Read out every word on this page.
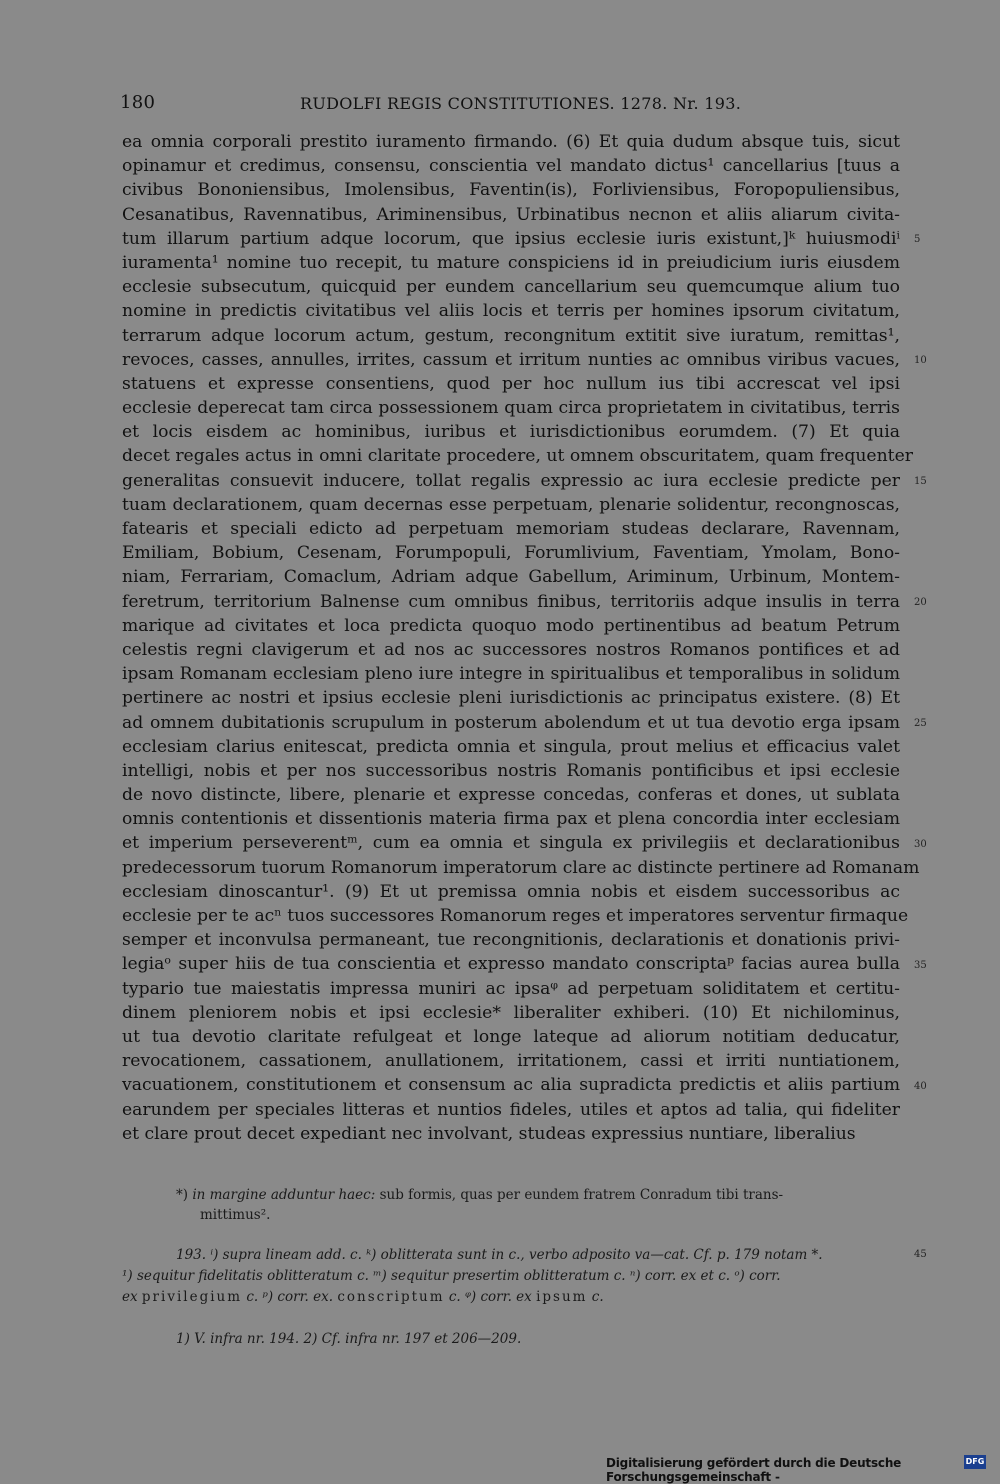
180	RUDOLFI REGIS CONSTITUTIONES. 1278. Nr. 193.
ea omnia corporali prestito iuramento firmando. (6) Et quia dudum absque tuis, sicut
opinamur et credimus, consensu, conscientia vel mandato dictus¹ cancellarius [tuus a
civibus Bononiensibus, Imolensibus, Faventin(is), Forliviensibus, Foropopuliensibus,
Cesanatibus, Ravennatibus, Ariminensibus, Urbinatibus necnon et aliis aliarum civita-
tum illarum partium adque locorum, que ipsius ecclesie iuris existunt,]ᵏ huiusmodiⁱ
iuramenta¹ nomine tuo recepit, tu mature conspiciens id in preiudicium iuris eiusdem
ecclesie subsecutum, quicquid per eundem cancellarium seu quemcumque alium tuo
nomine in predictis civitatibus vel aliis locis et terris per homines ipsorum civitatum,
terrarum adque locorum actum, gestum, recongnitum extitit sive iuratum, remittas¹,
revoces, casses, annulles, irrites, cassum et irritum nunties ac omnibus viribus vacues,
statuens et expresse consentiens, quod per hoc nullum ius tibi accrescat vel ipsi
ecclesie deperecat tam circa possessionem quam circa proprietatem in civitatibus, terris
et locis eisdem ac hominibus, iuribus et iurisdictionibus eorumdem. (7) Et quia
decet regales actus in omni claritate procedere, ut omnem obscuritatem, quam frequenter
generalitas consuevit inducere, tollat regalis expressio ac iura ecclesie predicte per
tuam declarationem, quam decernas esse perpetuam, plenarie solidentur, recongnoscas,
fatearis et speciali edicto ad perpetuam memoriam studeas declarare, Ravennam,
Emiliam, Bobium, Cesenam, Forumpopuli, Forumlivium, Faventiam, Ymolam, Bono-
niam, Ferrariam, Comaclum, Adriam adque Gabellum, Ariminum, Urbinum, Montem-
feretrum, territorium Balnense cum omnibus finibus, territoriis adque insulis in terra
marique ad civitates et loca predicta quoquo modo pertinentibus ad beatum Petrum
celestis regni clavigerum et ad nos ac successores nostros Romanos pontifices et ad
ipsam Romanam ecclesiam pleno iure integre in spiritualibus et temporalibus in solidum
pertinere ac nostri et ipsius ecclesie pleni iurisdictionis ac principatus existere. (8) Et
ad omnem dubitationis scrupulum in posterum abolendum et ut tua devotio erga ipsam
ecclesiam clarius enitescat, predicta omnia et singula, prout melius et efficacius valet
intelligi, nobis et per nos successoribus nostris Romanis pontificibus et ipsi ecclesie
de novo distincte, libere, plenarie et expresse concedas, conferas et dones, ut sublata
omnis contentionis et dissentionis materia firma pax et plena concordia inter ecclesiam
et imperium perseverentᵐ, cum ea omnia et singula ex privilegiis et declarationibus
predecessorum tuorum Romanorum imperatorum clare ac distincte pertinere ad Romanam
ecclesiam dinoscantur¹. (9) Et ut premissa omnia nobis et eisdem successoribus ac
ecclesie per te acⁿ tuos successores Romanorum reges et imperatores serventur firmaque
semper et inconvulsa permaneant, tue recongnitionis, declarationis et donationis privi-
legiaᵒ super hiis de tua conscientia et expresso mandato conscriptaᵖ facias aurea bulla
typario tue maiestatis impressa muniri ac ipsaᵠ ad perpetuam soliditatem et certitu-
dinem pleniorem nobis et ipsi ecclesie* liberaliter exhiberi. (10) Et nichilominus,
ut tua devotio claritate refulgeat et longe lateque ad aliorum notitiam deducatur,
revocationem, cassationem, anullationem, irritationem, cassi et irriti nuntiationem,
vacuationem, constitutionem et consensum ac alia supradicta predictis et aliis partium
earundem per speciales litteras et nuntios fideles, utiles et aptos ad talia, qui fideliter
et clare prout decet expediant nec involvant, studeas expressius nuntiare, liberalius
5
10
15
20
25
30
35
40
45
*) in margine adduntur haec: sub formis, quas per eundem fratrem Conradum tibi trans-
mittimus².
193. ⁱ) supra lineam add. c. ᵏ) oblitterata sunt in c., verbo adposito va—cat. Cf. p. 179 notam *.
¹) sequitur fidelitatis oblitteratum c. ᵐ) sequitur presertim oblitteratum c. ⁿ) corr. ex et c. ᵒ) corr.
ex privilegium c. ᵖ) corr. ex. conscriptum c. ᵠ) corr. ex ipsum c.
1) V. infra nr. 194. 2) Cf. infra nr. 197 et 206—209.
Digitalisierung gefördert durch die Deutsche Forschungsgemeinschaft -
DFG
